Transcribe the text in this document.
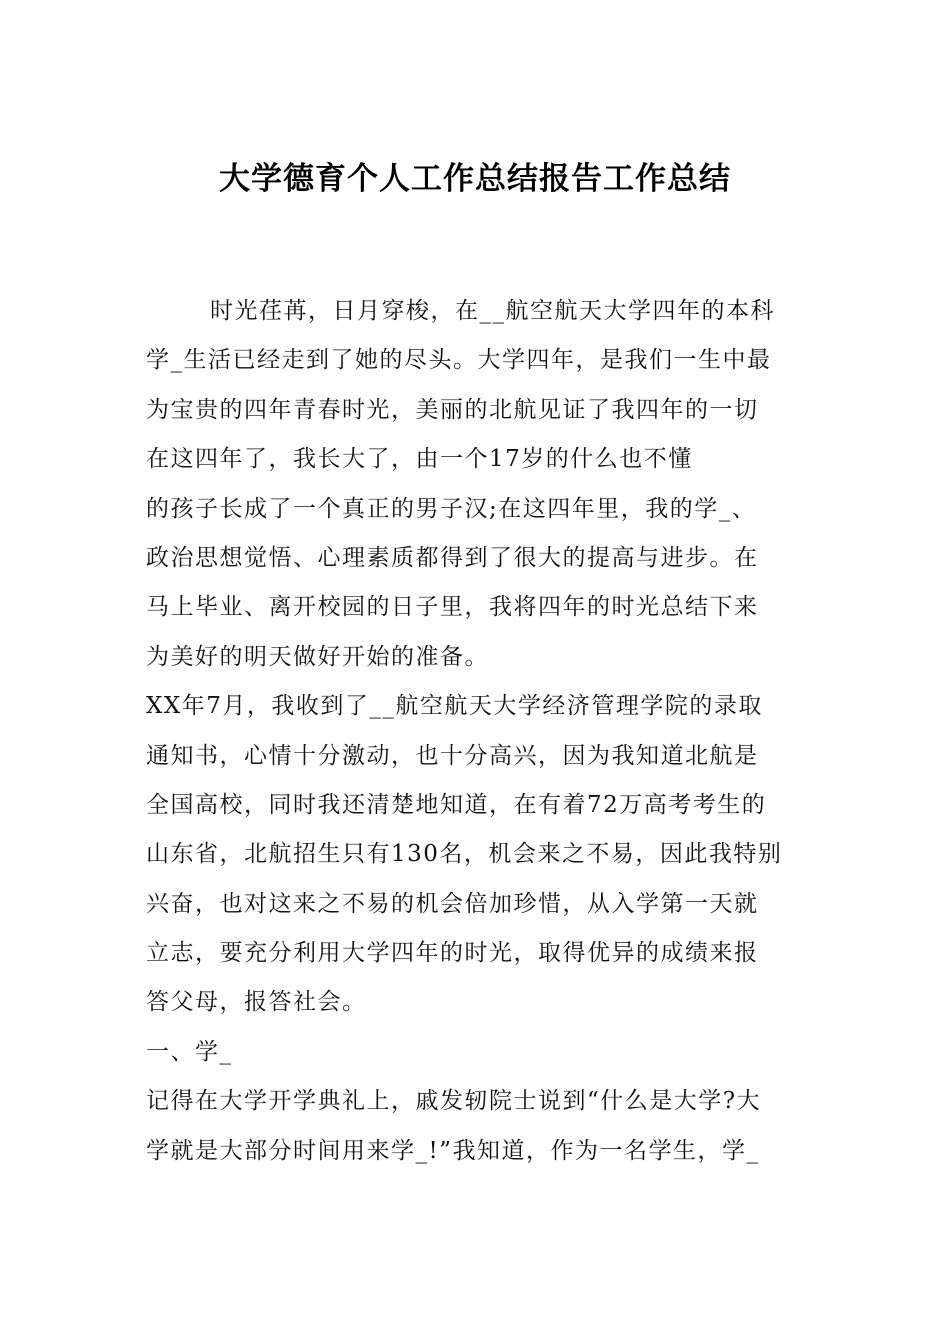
大学德育个人工作总结报告工作总结
时光荏苒，日月穿梭，在__航空航天大学四年的本科
学_生活已经走到了她的尽头。大学四年，是我们一生中最
为宝贵的四年青春时光，美丽的北航见证了我四年的一切
在这四年了，我长大了，由一个17岁的什么也不懂
的孩子长成了一个真正的男子汉;在这四年里，我的学_、
政治思想觉悟、心理素质都得到了很大的提高与进步。在
马上毕业、离开校园的日子里，我将四年的时光总结下来
为美好的明天做好开始的准备。
XX年7月，我收到了__航空航天大学经济管理学院的录取
通知书，心情十分激动，也十分高兴，因为我知道北航是
全国高校，同时我还清楚地知道，在有着72万高考考生的
山东省，北航招生只有130名，机会来之不易，因此我特别
兴奋，也对这来之不易的机会倍加珍惜，从入学第一天就
立志，要充分利用大学四年的时光，取得优异的成绩来报
答父母，报答社会。
一、学_
记得在大学开学典礼上，戚发轫院士说到“什么是大学?大
学就是大部分时间用来学_!”我知道，作为一名学生，学_
